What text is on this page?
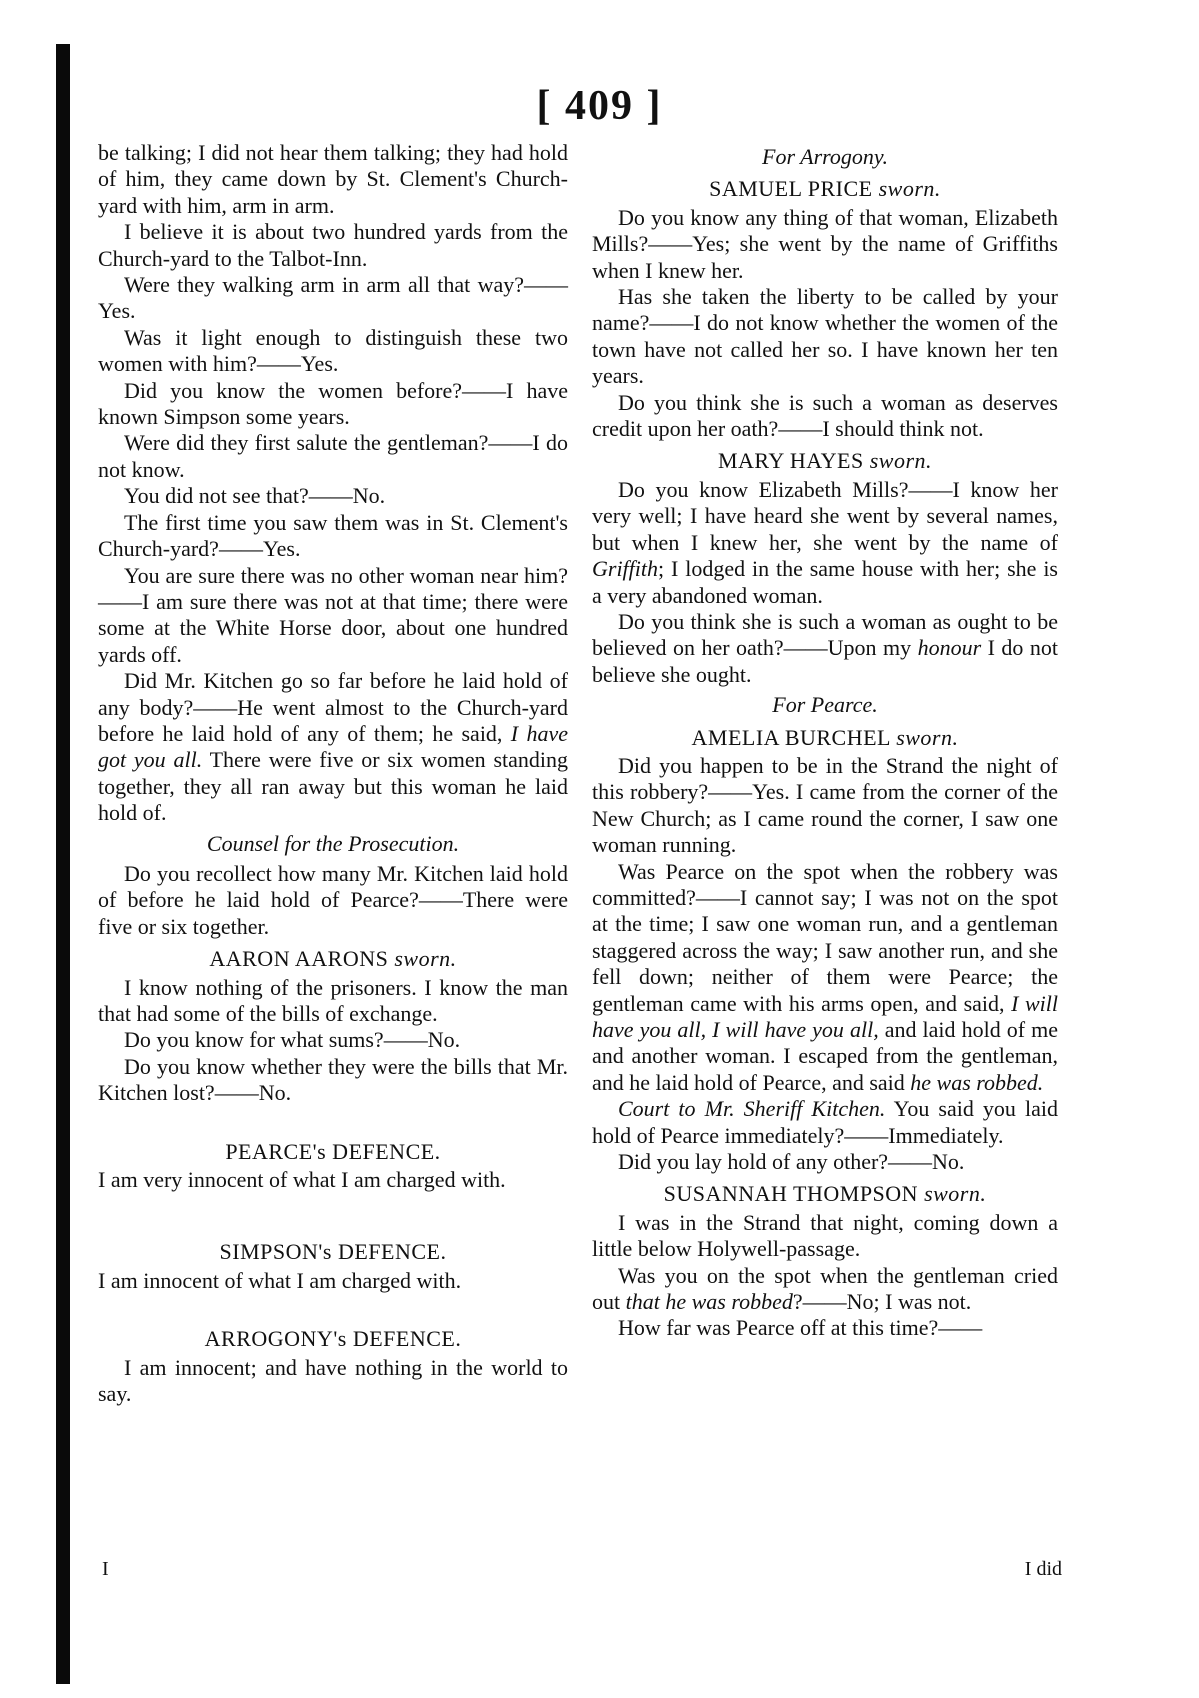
[ 409 ]

be talking; I did not hear them talking; they had hold of him, they came down by St. Clement's Church-yard with him, arm in arm.

I believe it is about two hundred yards from the Church-yard to the Talbot-Inn.

Were they walking arm in arm all that way?——Yes.

Was it light enough to distinguish these two women with him?——Yes.

Did you know the women before?——I have known Simpson some years.

Were did they first salute the gentleman?——I do not know.

You did not see that?——No.

The first time you saw them was in St. Clement's Church-yard?——Yes.

You are sure there was no other woman near him?——I am sure there was not at that time; there were some at the White Horse door, about one hundred yards off.

Did Mr. Kitchen go so far before he laid hold of any body?——He went almost to the Church-yard before he laid hold of any of them; he said, I have got you all. There were five or six women standing together, they all ran away but this woman he laid hold of.

Counsel for the Prosecution.

Do you recollect how many Mr. Kitchen laid hold of before he laid hold of Pearce?——There were five or six together.

AARON AARONS sworn.

I know nothing of the prisoners. I know the man that had some of the bills of exchange.

Do you know for what sums?——No.

Do you know whether they were the bills that Mr. Kitchen lost?——No.

PEARCE's DEFENCE.

I am very innocent of what I am charged with.

SIMPSON's DEFENCE.

I am innocent of what I am charged with.

ARROGONY's DEFENCE.

I am innocent; and have nothing in the world to say.

For Arrogony.

SAMUEL PRICE sworn.

Do you know any thing of that woman, Elizabeth Mills?——Yes; she went by the name of Griffiths when I knew her.

Has she taken the liberty to be called by your name?——I do not know whether the women of the town have not called her so. I have known her ten years.

Do you think she is such a woman as deserves credit upon her oath?——I should think not.

MARY HAYES sworn.

Do you know Elizabeth Mills?——I know her very well; I have heard she went by several names, but when I knew her, she went by the name of Griffith; I lodged in the same house with her; she is a very abandoned woman.

Do you think she is such a woman as ought to be believed on her oath?——Upon my honour I do not believe she ought.

For Pearce.

AMELIA BURCHEL sworn.

Did you happen to be in the Strand the night of this robbery?——Yes. I came from the corner of the New Church; as I came round the corner, I saw one woman running.

Was Pearce on the spot when the robbery was committed?——I cannot say; I was not on the spot at the time; I saw one woman run, and a gentleman staggered across the way; I saw another run, and she fell down; neither of them were Pearce; the gentleman came with his arms open, and said, I will have you all, I will have you all, and laid hold of me and another woman. I escaped from the gentleman, and he laid hold of Pearce, and said he was robbed.

Court to Mr. Sheriff Kitchen. You said you laid hold of Pearce immediately?——Immediately.

Did you lay hold of any other?——No.

SUSANNAH THOMPSON sworn.

I was in the Strand that night, coming down a little below Holywell-passage.

Was you on the spot when the gentleman cried out that he was robbed?——No; I was not.

How far was Pearce off at this time?——

I	I did
